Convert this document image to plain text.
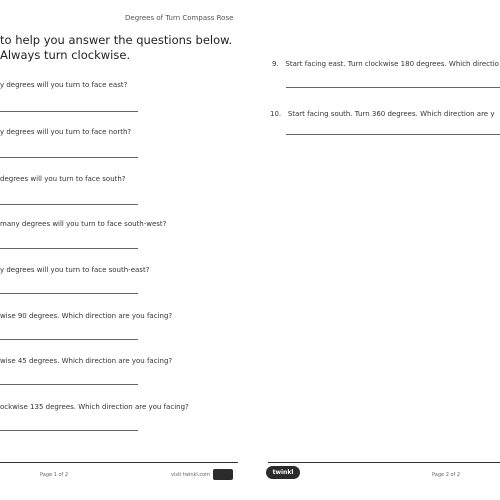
Degrees of Turn Compass Rose
to help you answer the questions below.
Always turn clockwise.
y degrees will you turn to face east?
y degrees will you turn to face north?
degrees will you turn to face south?
many degrees will you turn to face south-west?
y degrees will you turn to face south-east?
wise 90 degrees. Which direction are you facing?
wise 45 degrees. Which direction are you facing?
ockwise 135 degrees. Which direction are you facing?
9. Start facing east. Turn clockwise 180 degrees. Which directio
10. Start facing south. Turn 360 degrees. Which direction are y
Page 1 of 2	visit twinkl.com	twinkl	Page 2 of 2
